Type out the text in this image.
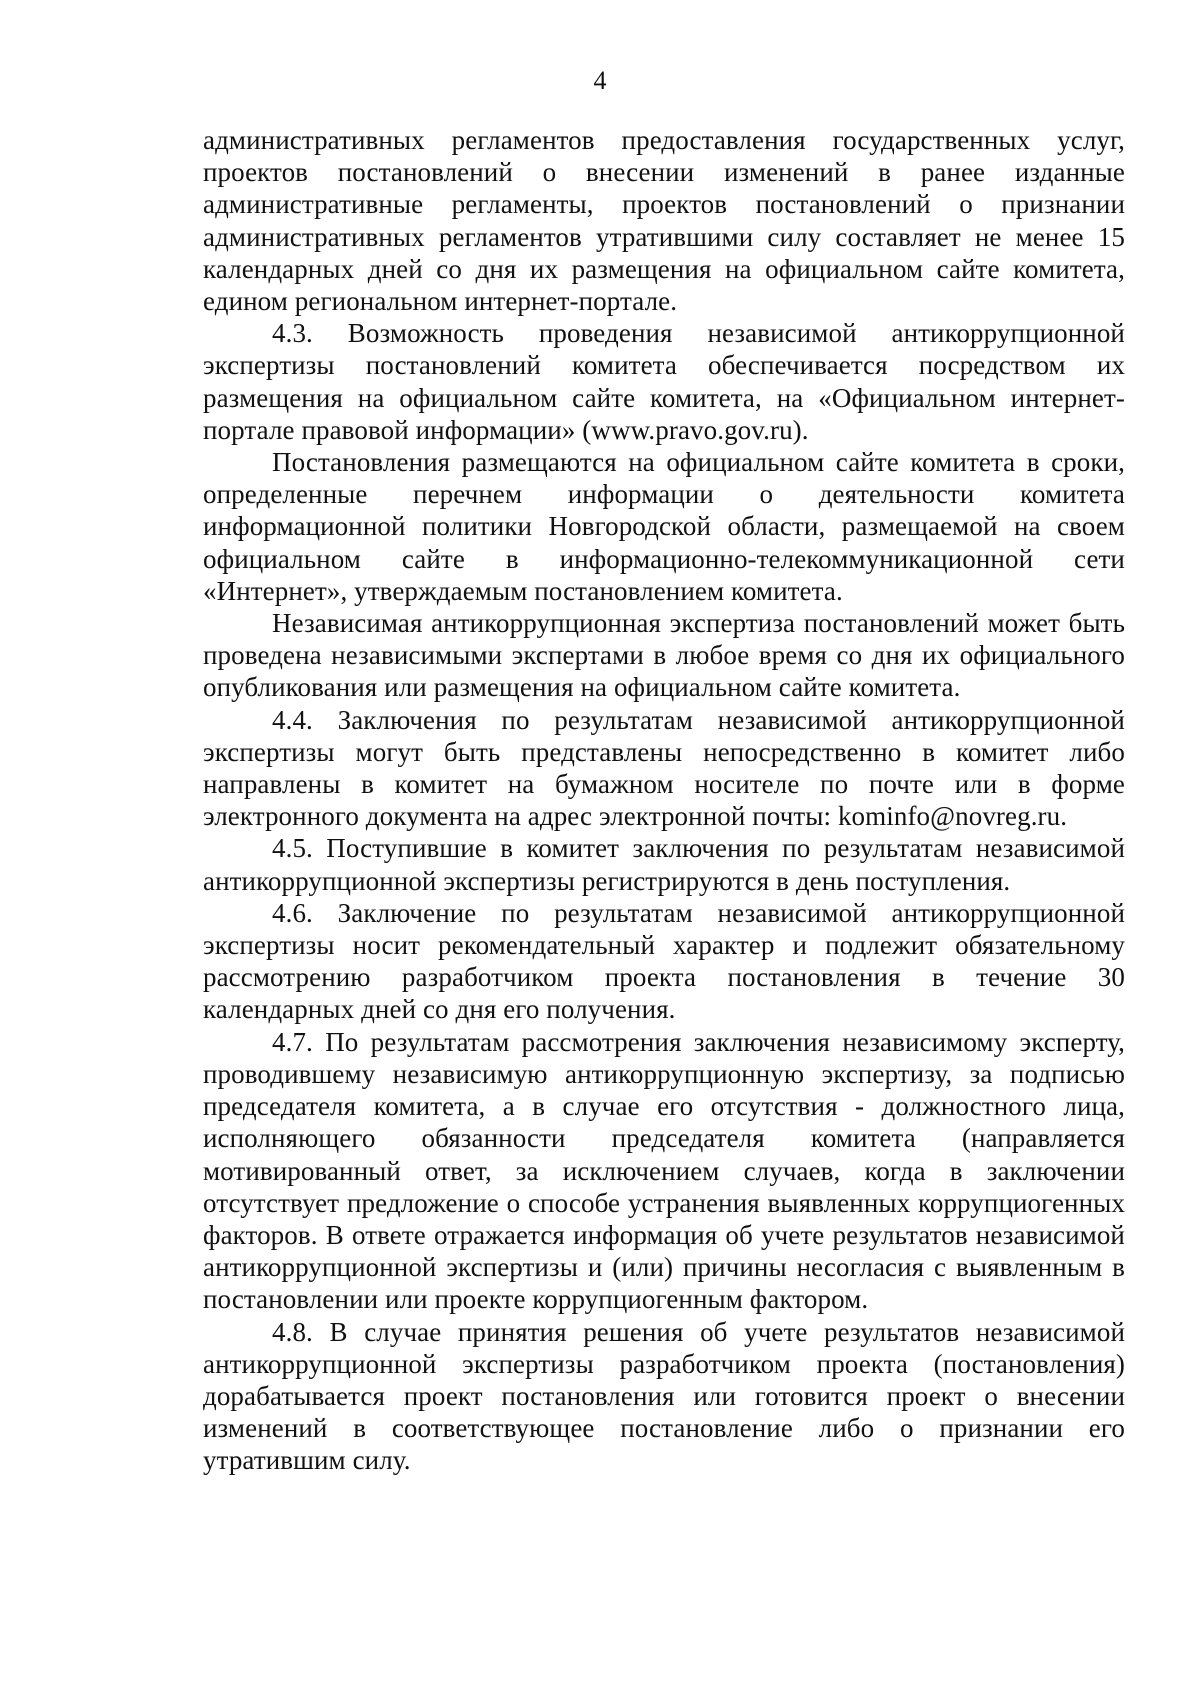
4

административных регламентов предоставления государственных услуг, проектов постановлений о внесении изменений в ранее изданные административные регламенты, проектов постановлений о признании административных регламентов утратившими силу составляет не менее 15 календарных дней со дня их размещения на официальном сайте комитета, едином региональном интернет-портале.

4.3. Возможность проведения независимой антикоррупционной экспертизы постановлений комитета обеспечивается посредством их размещения на официальном сайте комитета, на «Официальном интернет-портале правовой информации» (www.pravo.gov.ru).

Постановления размещаются на официальном сайте комитета в сроки, определенные перечнем информации о деятельности комитета информационной политики Новгородской области, размещаемой на своем официальном сайте в информационно-телекоммуникационной сети «Интернет», утверждаемым постановлением комитета.

Независимая антикоррупционная экспертиза постановлений может быть проведена независимыми экспертами в любое время со дня их официального опубликования или размещения на официальном сайте комитета.

4.4. Заключения по результатам независимой антикоррупционной экспертизы могут быть представлены непосредственно в комитет либо направлены в комитет на бумажном носителе по почте или в форме электронного документа на адрес электронной почты: kominfo@novreg.ru.

4.5. Поступившие в комитет заключения по результатам независимой антикоррупционной экспертизы регистрируются в день поступления.

4.6. Заключение по результатам независимой антикоррупционной экспертизы носит рекомендательный характер и подлежит обязательному рассмотрению разработчиком проекта постановления в течение 30 календарных дней со дня его получения.

4.7. По результатам рассмотрения заключения независимому эксперту, проводившему независимую антикоррупционную экспертизу, за подписью председателя комитета, а в случае его отсутствия - должностного лица, исполняющего обязанности председателя комитета (направляется мотивированный ответ, за исключением случаев, когда в заключении отсутствует предложение о способе устранения выявленных коррупциогенных факторов. В ответе отражается информация об учете результатов независимой антикоррупционной экспертизы и (или) причины несогласия с выявленным в постановлении или проекте коррупциогенным фактором.

4.8. В случае принятия решения об учете результатов независимой антикоррупционной экспертизы разработчиком проекта (постановления) дорабатывается проект постановления или готовится проект о внесении изменений в соответствующее постановление либо о признании его утратившим силу.
